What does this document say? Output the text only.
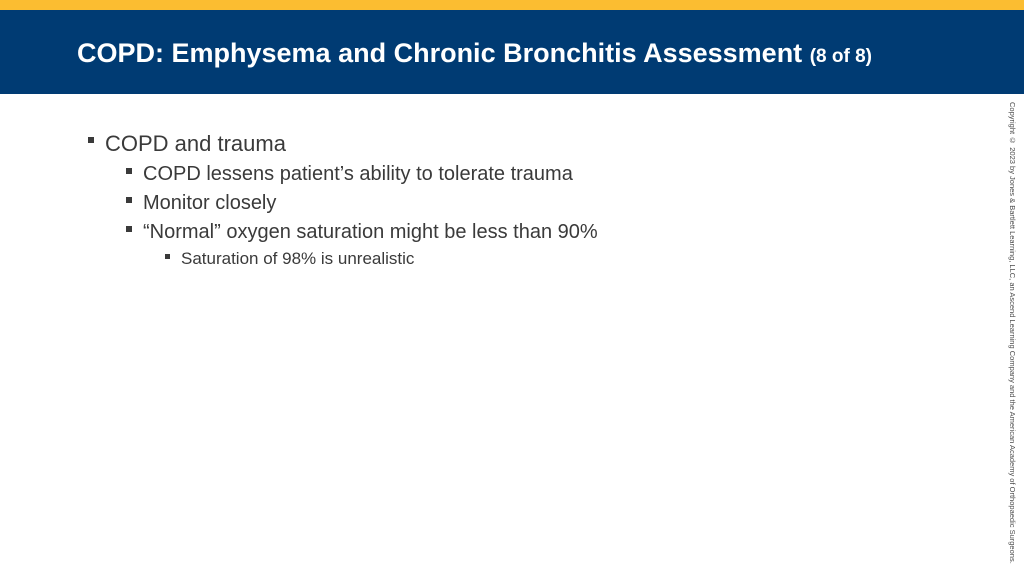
COPD: Emphysema and Chronic Bronchitis Assessment (8 of 8)
COPD and trauma
COPD lessens patient’s ability to tolerate trauma
Monitor closely
“Normal” oxygen saturation might be less than 90%
Saturation of 98% is unrealistic	Copyright © 2023 by Jones & Bartlett Learning, LLC, an Ascend Learning Company and the American Academy of Orthopaedic Surgeons.
